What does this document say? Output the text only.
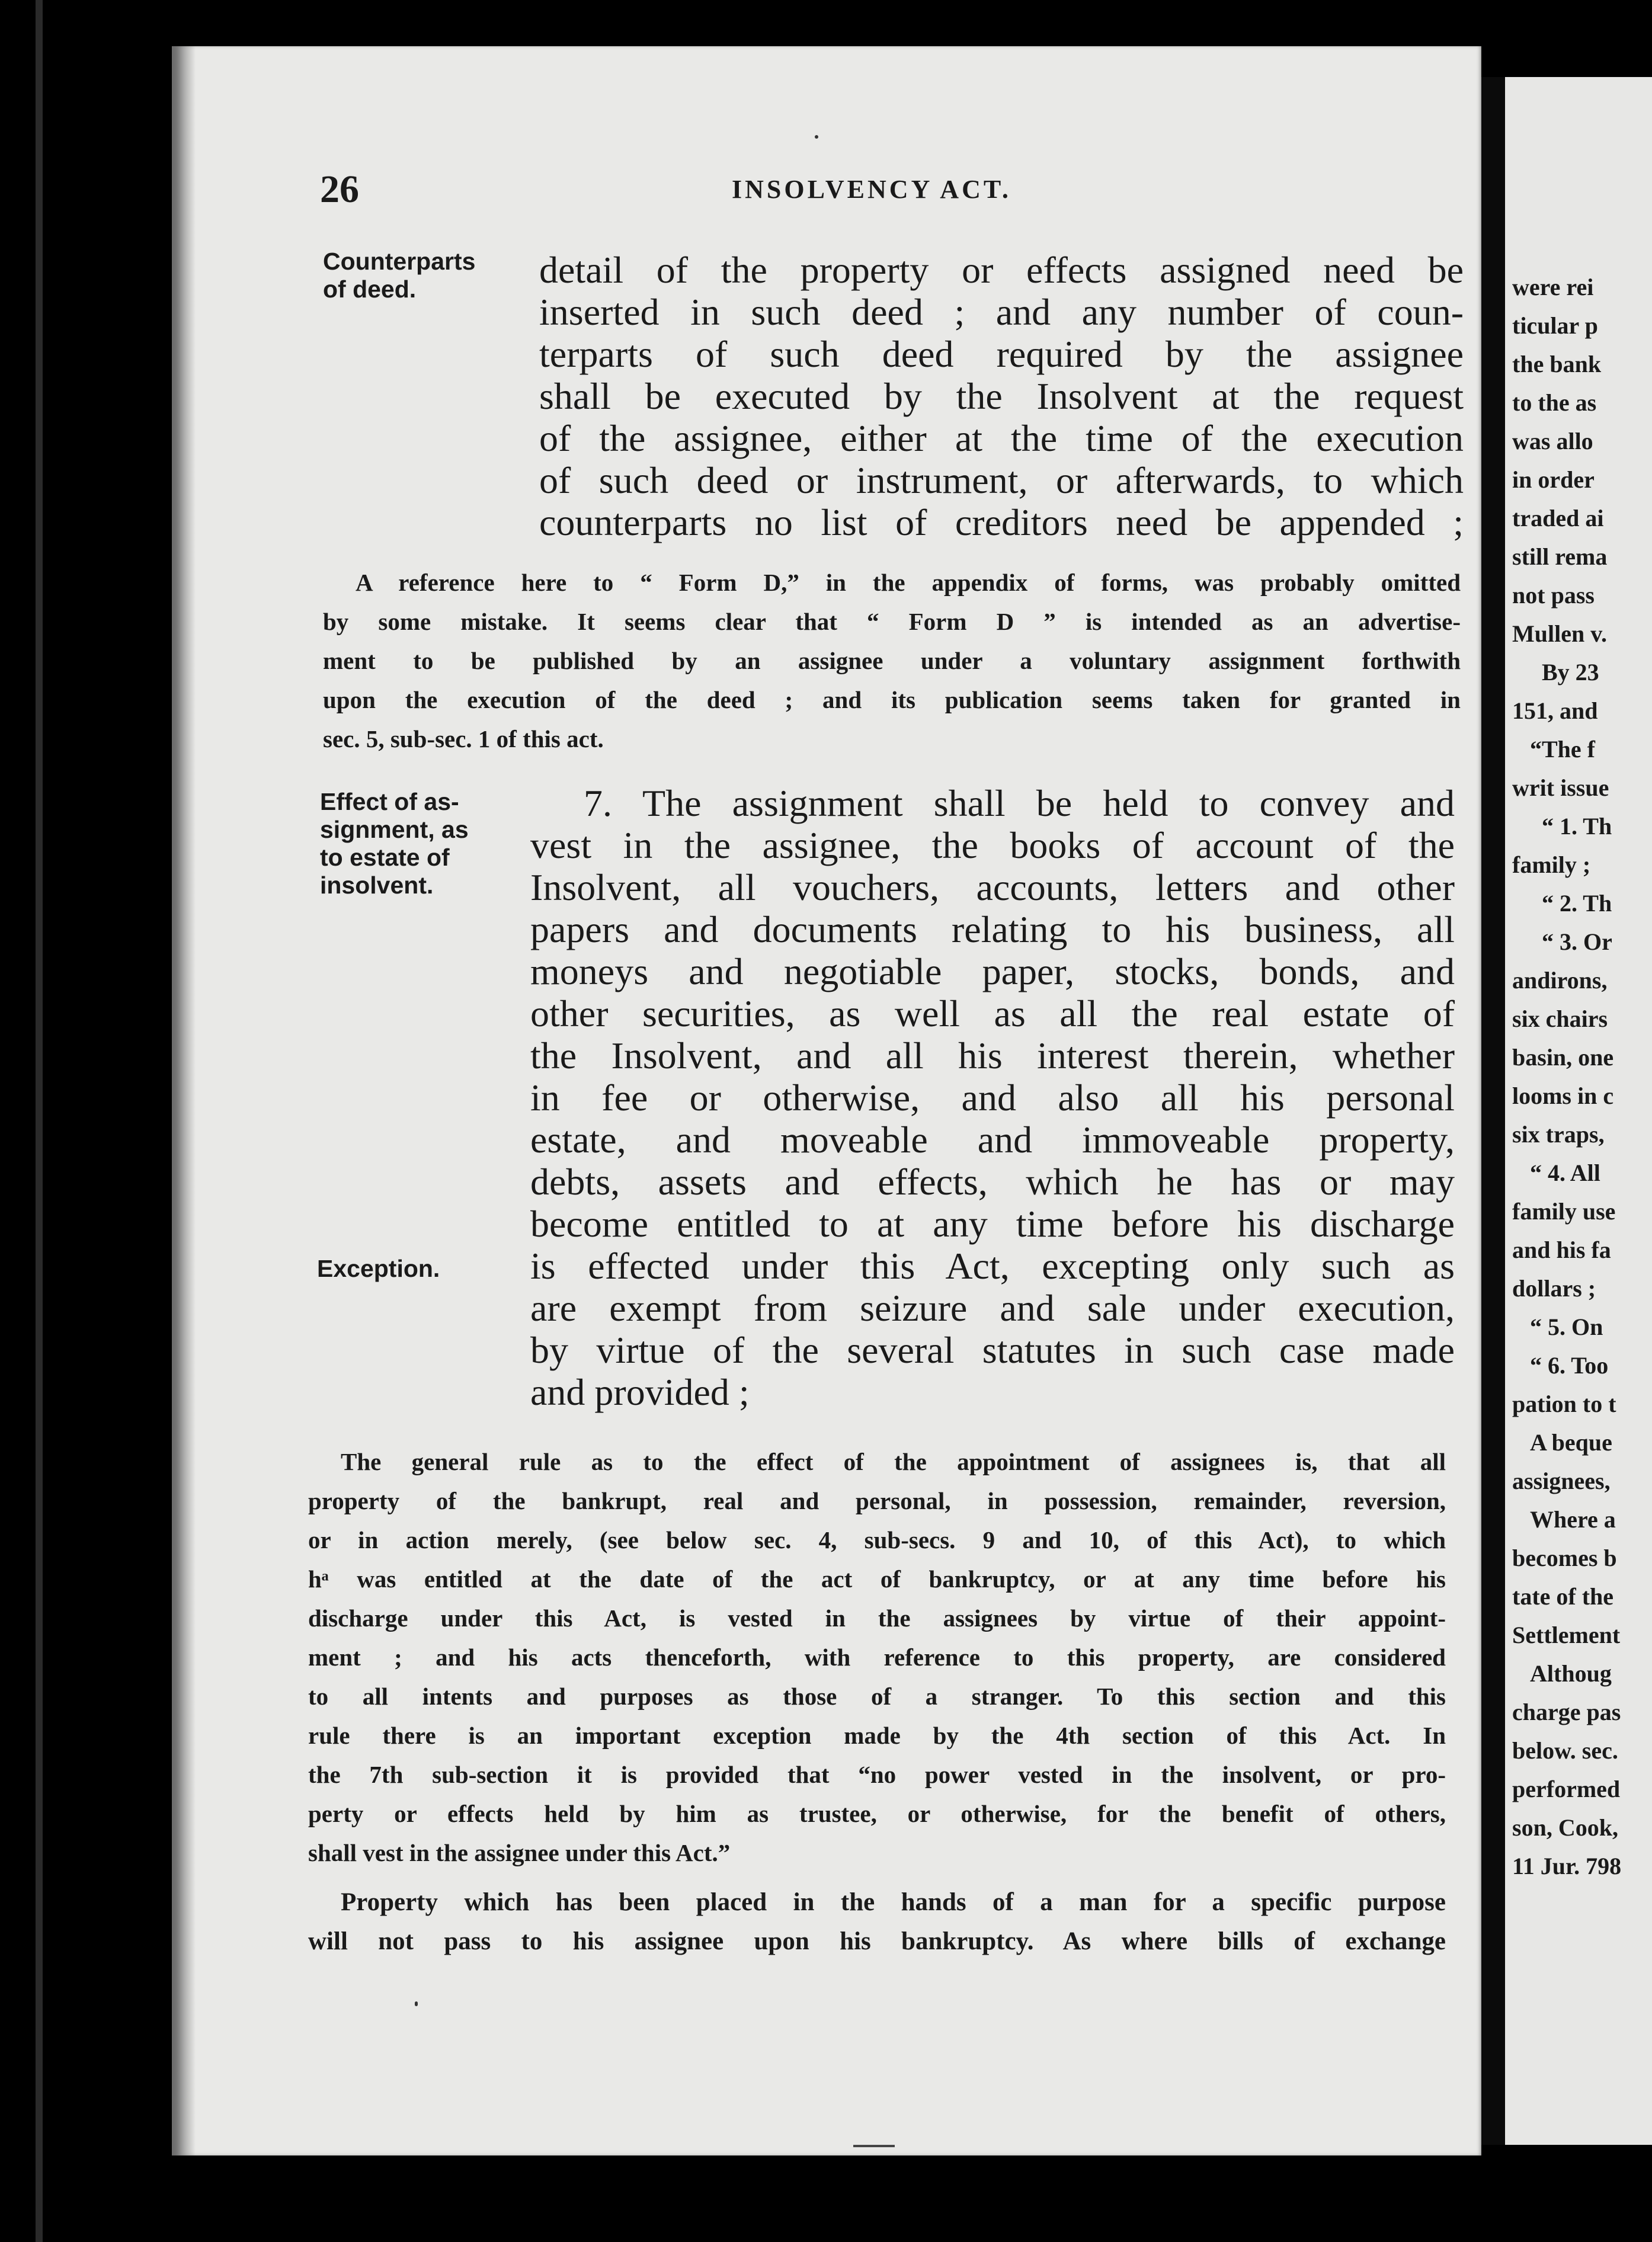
26	INSOLVENCY ACT.
Counterparts
of deed.
Effect of as-
signment, as
to estate of
insolvent.
Exception.
detail of the property or effects assigned need be
inserted in such deed ; and any number of coun-
terparts of such deed required by the assignee
shall be executed by the Insolvent at the request
of the assignee, either at the time of the execution
of such deed or instrument, or afterwards, to which
counterparts no list of creditors need be appended ;
A reference here to “ Form D,” in the appendix of forms, was probably omitted
by some mistake. It seems clear that “ Form D ” is intended as an advertise-
ment to be published by an assignee under a voluntary assignment forthwith
upon the execution of the deed ; and its publication seems taken for granted in
sec. 5, sub-sec. 1 of this act.
7. The assignment shall be held to convey and
vest in the assignee, the books of account of the
Insolvent, all vouchers, accounts, letters and other
papers and documents relating to his business, all
moneys and negotiable paper, stocks, bonds, and
other securities, as well as all the real estate of
the Insolvent, and all his interest therein, whether
in fee or otherwise, and also all his personal
estate, and moveable and immoveable property,
debts, assets and effects, which he has or may
become entitled to at any time before his discharge
is effected under this Act, excepting only such as
are exempt from seizure and sale under execution,
by virtue of the several statutes in such case made
and provided ;
The general rule as to the effect of the appointment of assignees is, that all
property of the bankrupt, real and personal, in possession, remainder, reversion,
or in action merely, (see below sec. 4, sub-secs. 9 and 10, of this Act), to which
hᵃ was entitled at the date of the act of bankruptcy, or at any time before his
discharge under this Act, is vested in the assignees by virtue of their appoint-
ment ; and his acts thenceforth, with reference to this property, are considered
to all intents and purposes as those of a stranger. To this section and this
rule there is an important exception made by the 4th section of this Act. In
the 7th sub-section it is provided that “no power vested in the insolvent, or pro-
perty or effects held by him as trustee, or otherwise, for the benefit of others,
shall vest in the assignee under this Act.”
Property which has been placed in the hands of a man for a specific purpose
will not pass to his assignee upon his bankruptcy. As where bills of exchange
were rei
ticular p
the bank
to the as
was allo
in order
traded ai
still rema
not pass
Mullen v.
By 23
151, and
“The f
writ issue
“ 1. Th
family ;
“ 2. Th
“ 3. Or
andirons,
six chairs
basin, one
looms in c
six traps,
“ 4. All
family use
and his fa
dollars ;
“ 5. On
“ 6. Too
pation to t
A beque
assignees,
Where a
becomes b
tate of the
Settlement
Althoug
charge pas
below. sec.
performed
son, Cook,
11 Jur. 798
